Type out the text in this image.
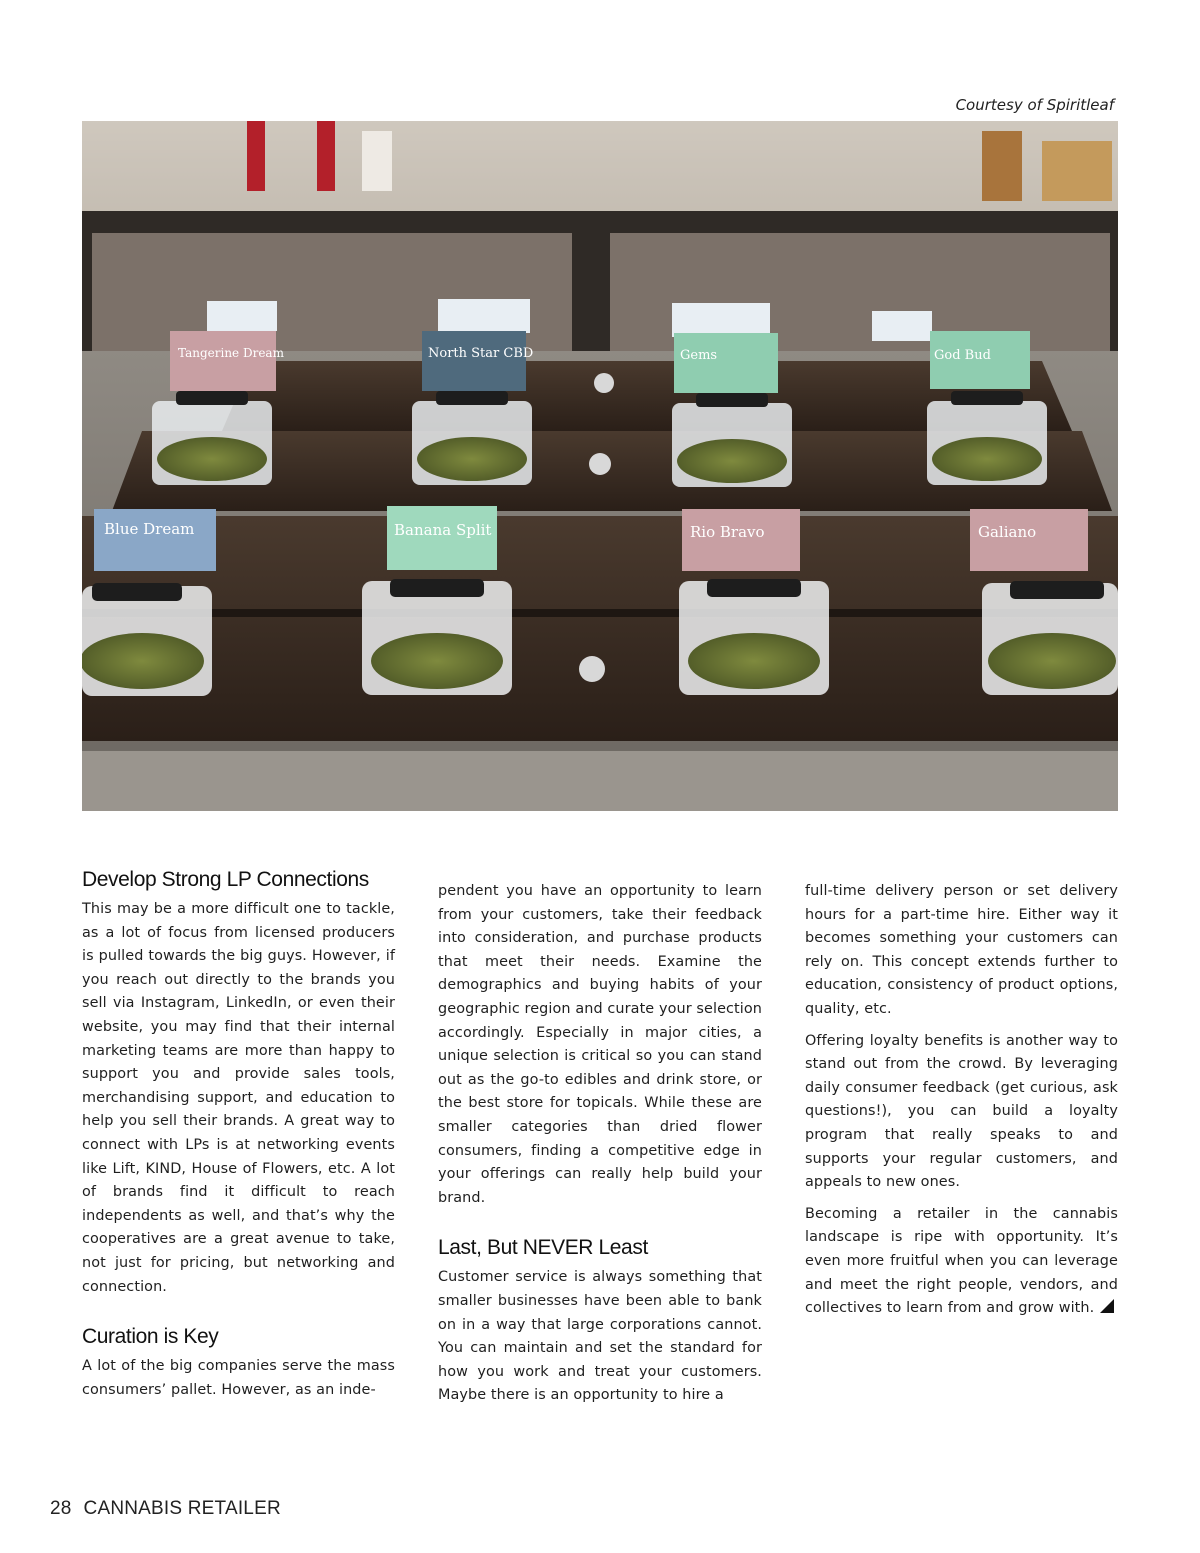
Courtesy of Spiritleaf
Tangerine Dream	North Star CBD	Gems	God Bud
Blue Dream	Banana Split	Rio Bravo	Galiano
Develop Strong LP Connections

This may be a more difficult one to tackle, as a lot of focus from licensed producers is pulled towards the big guys. However, if you reach out directly to the brands you sell via Instagram, LinkedIn, or even their website, you may find that their internal marketing teams are more than happy to support you and provide sales tools, merchandising support, and education to help you sell their brands. A great way to connect with LPs is at networking events like Lift, KIND, House of Flowers, etc. A lot of brands find it difficult to reach independents as well, and that’s why the cooperatives are a great avenue to take, not just for pricing, but networking and connection.

Curation is Key

A lot of the big companies serve the mass consumers’ pallet. However, as an inde-

pendent you have an opportunity to learn from your customers, take their feedback into consideration, and purchase products that meet their needs. Examine the demographics and buying habits of your geographic region and curate your selection accordingly. Especially in major cities, a unique selection is critical so you can stand out as the go-to edibles and drink store, or the best store for topicals. While these are smaller categories than dried flower consumers, finding a competitive edge in your offerings can really help build your brand.

Last, But NEVER Least

Customer service is always something that smaller businesses have been able to bank on in a way that large corporations cannot. You can maintain and set the standard for how you work and treat your customers. Maybe there is an opportunity to hire a

full-time delivery person or set delivery hours for a part-time hire. Either way it becomes something your customers can rely on. This concept extends further to education, consistency of product options, quality, etc.

Offering loyalty benefits is another way to stand out from the crowd. By leveraging daily consumer feedback (get curious, ask questions!), you can build a loyalty program that really speaks to and supports your regular customers, and appeals to new ones.

Becoming a retailer in the cannabis landscape is ripe with opportunity. It’s even more fruitful when you can leverage and meet the right people, vendors, and collectives to learn from and grow with.

28 CANNABIS RETAILER
